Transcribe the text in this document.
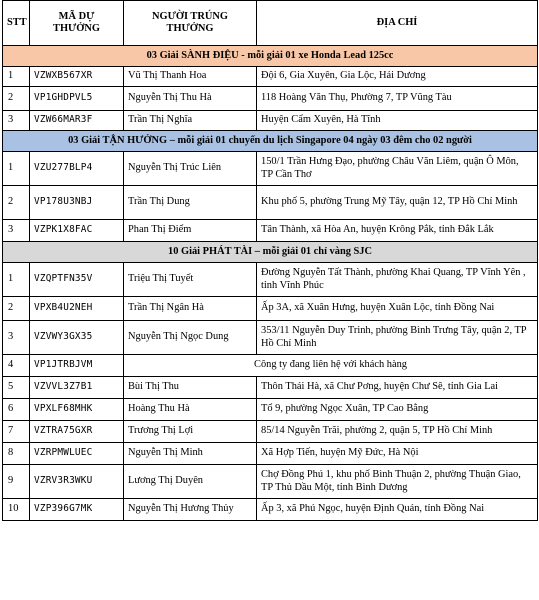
STT	MÃ DỰ THƯỞNG	NGƯỜI TRÚNG THƯỞNG	ĐỊA CHỈ
03 Giải SÀNH ĐIỆU - mỗi giải 01 xe Honda Lead 125cc			
1	VZWXB567XR	Vũ Thị Thanh Hoa	Đội 6, Gia Xuyên, Gia Lộc, Hải Dương
2	VP1GHDPVL5	Nguyễn Thị Thu Hà	118 Hoàng Văn Thụ, Phường 7, TP Vũng Tàu
3	VZW66MAR3F	Trần Thị Nghĩa	Huyện Cẩm Xuyên, Hà Tĩnh
03 Giải TẬN HƯỞNG – mỗi giải 01 chuyến du lịch Singapore 04 ngày 03 đêm cho 02 người			
1	VZU277BLP4	Nguyễn Thị Trúc Liên	150/1 Trần Hưng Đạo, phường Châu Văn Liêm, quận Ô Môn, TP Cần Thơ
2	VP178U3NBJ	Trần Thị Dung	Khu phố 5, phường Trung Mỹ Tây, quận 12, TP Hồ Chí Minh
3	VZPK1X8FAC	Phan Thị Điểm	Tân Thành, xã Hòa An, huyện Krông Pắk, tỉnh Đắk Lắk
10 Giải PHÁT TÀI – mỗi giải 01 chỉ vàng SJC			
1	VZQPTFN35V	Triệu Thị Tuyết	Đường Nguyễn Tất Thành, phường Khai Quang, TP Vĩnh Yên , tỉnh Vĩnh Phúc
2	VPXB4U2NEH	Trần Thị Ngân Hà	Ấp 3A, xã Xuân Hưng, huyện Xuân Lộc, tỉnh Đồng Nai
3	VZVWY3GX35	Nguyễn Thị Ngọc Dung	353/11 Nguyễn Duy Trinh, phường Bình Trưng Tây, quận 2, TP Hồ Chí Minh
4	VP1JTRBJVM	Công ty đang liên hệ với khách hàng	
5	VZVVL3Z7B1	Bùi Thị Thu	Thôn Thái Hà, xã Chư Pơng, huyện Chư Sê, tỉnh Gia Lai
6	VPXLF68MHK	Hoàng Thu Hà	Tổ 9, phường Ngọc Xuân, TP Cao Bằng
7	VZTRA75GXR	Trương Thị Lợi	85/14 Nguyễn Trãi, phường 2, quận 5, TP Hồ Chí Minh
8	VZRPMWLUEC	Nguyễn Thị Minh	Xã Hợp Tiến, huyện Mỹ Đức, Hà Nội
9	VZRV3R3WKU	Lương Thị Duyên	Chợ Đồng Phú 1, khu phố Bình Thuận 2, phường Thuận Giao, TP Thủ Dầu Một, tỉnh Bình Dương
10	VZP396G7MK	Nguyễn Thị Hương Thủy	Ấp 3, xã Phú Ngọc, huyện Định Quán, tỉnh Đồng Nai
